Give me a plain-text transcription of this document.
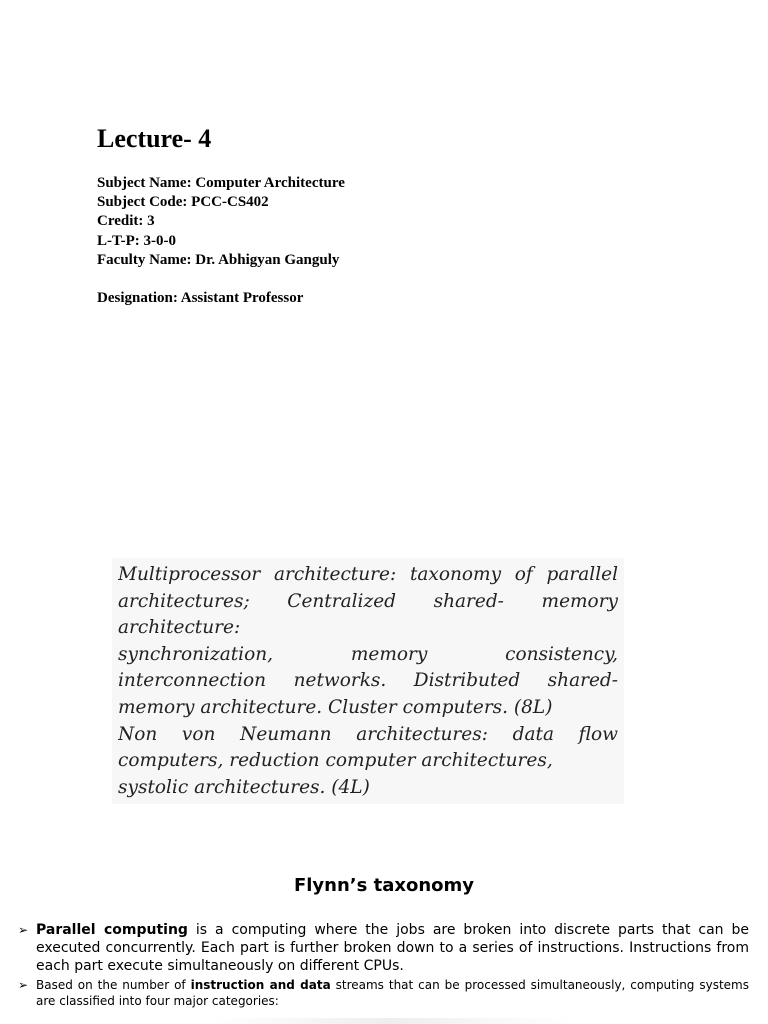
Lecture- 4
Subject Name: Computer Architecture
Subject Code: PCC-CS402
Credit: 3
L-T-P: 3-0-0
Faculty Name: Dr. Abhigyan Ganguly
Designation: Assistant Professor
Multiprocessor architecture: taxonomy of parallel
architectures; Centralized shared- memory
architecture:
synchronization, memory consistency,
interconnection networks. Distributed shared-
memory architecture. Cluster computers. (8L)
Non von Neumann architectures: data flow
computers, reduction computer architectures,
systolic architectures. (4L)
Flynn’s taxonomy
➢ Parallel computing is a computing where the jobs are broken into discrete parts that can be executed concurrently. Each part is further broken down to a series of instructions. Instructions from each part execute simultaneously on different CPUs.
➢ Based on the number of instruction and data streams that can be processed simultaneously, computing systems are classified into four major categories:
